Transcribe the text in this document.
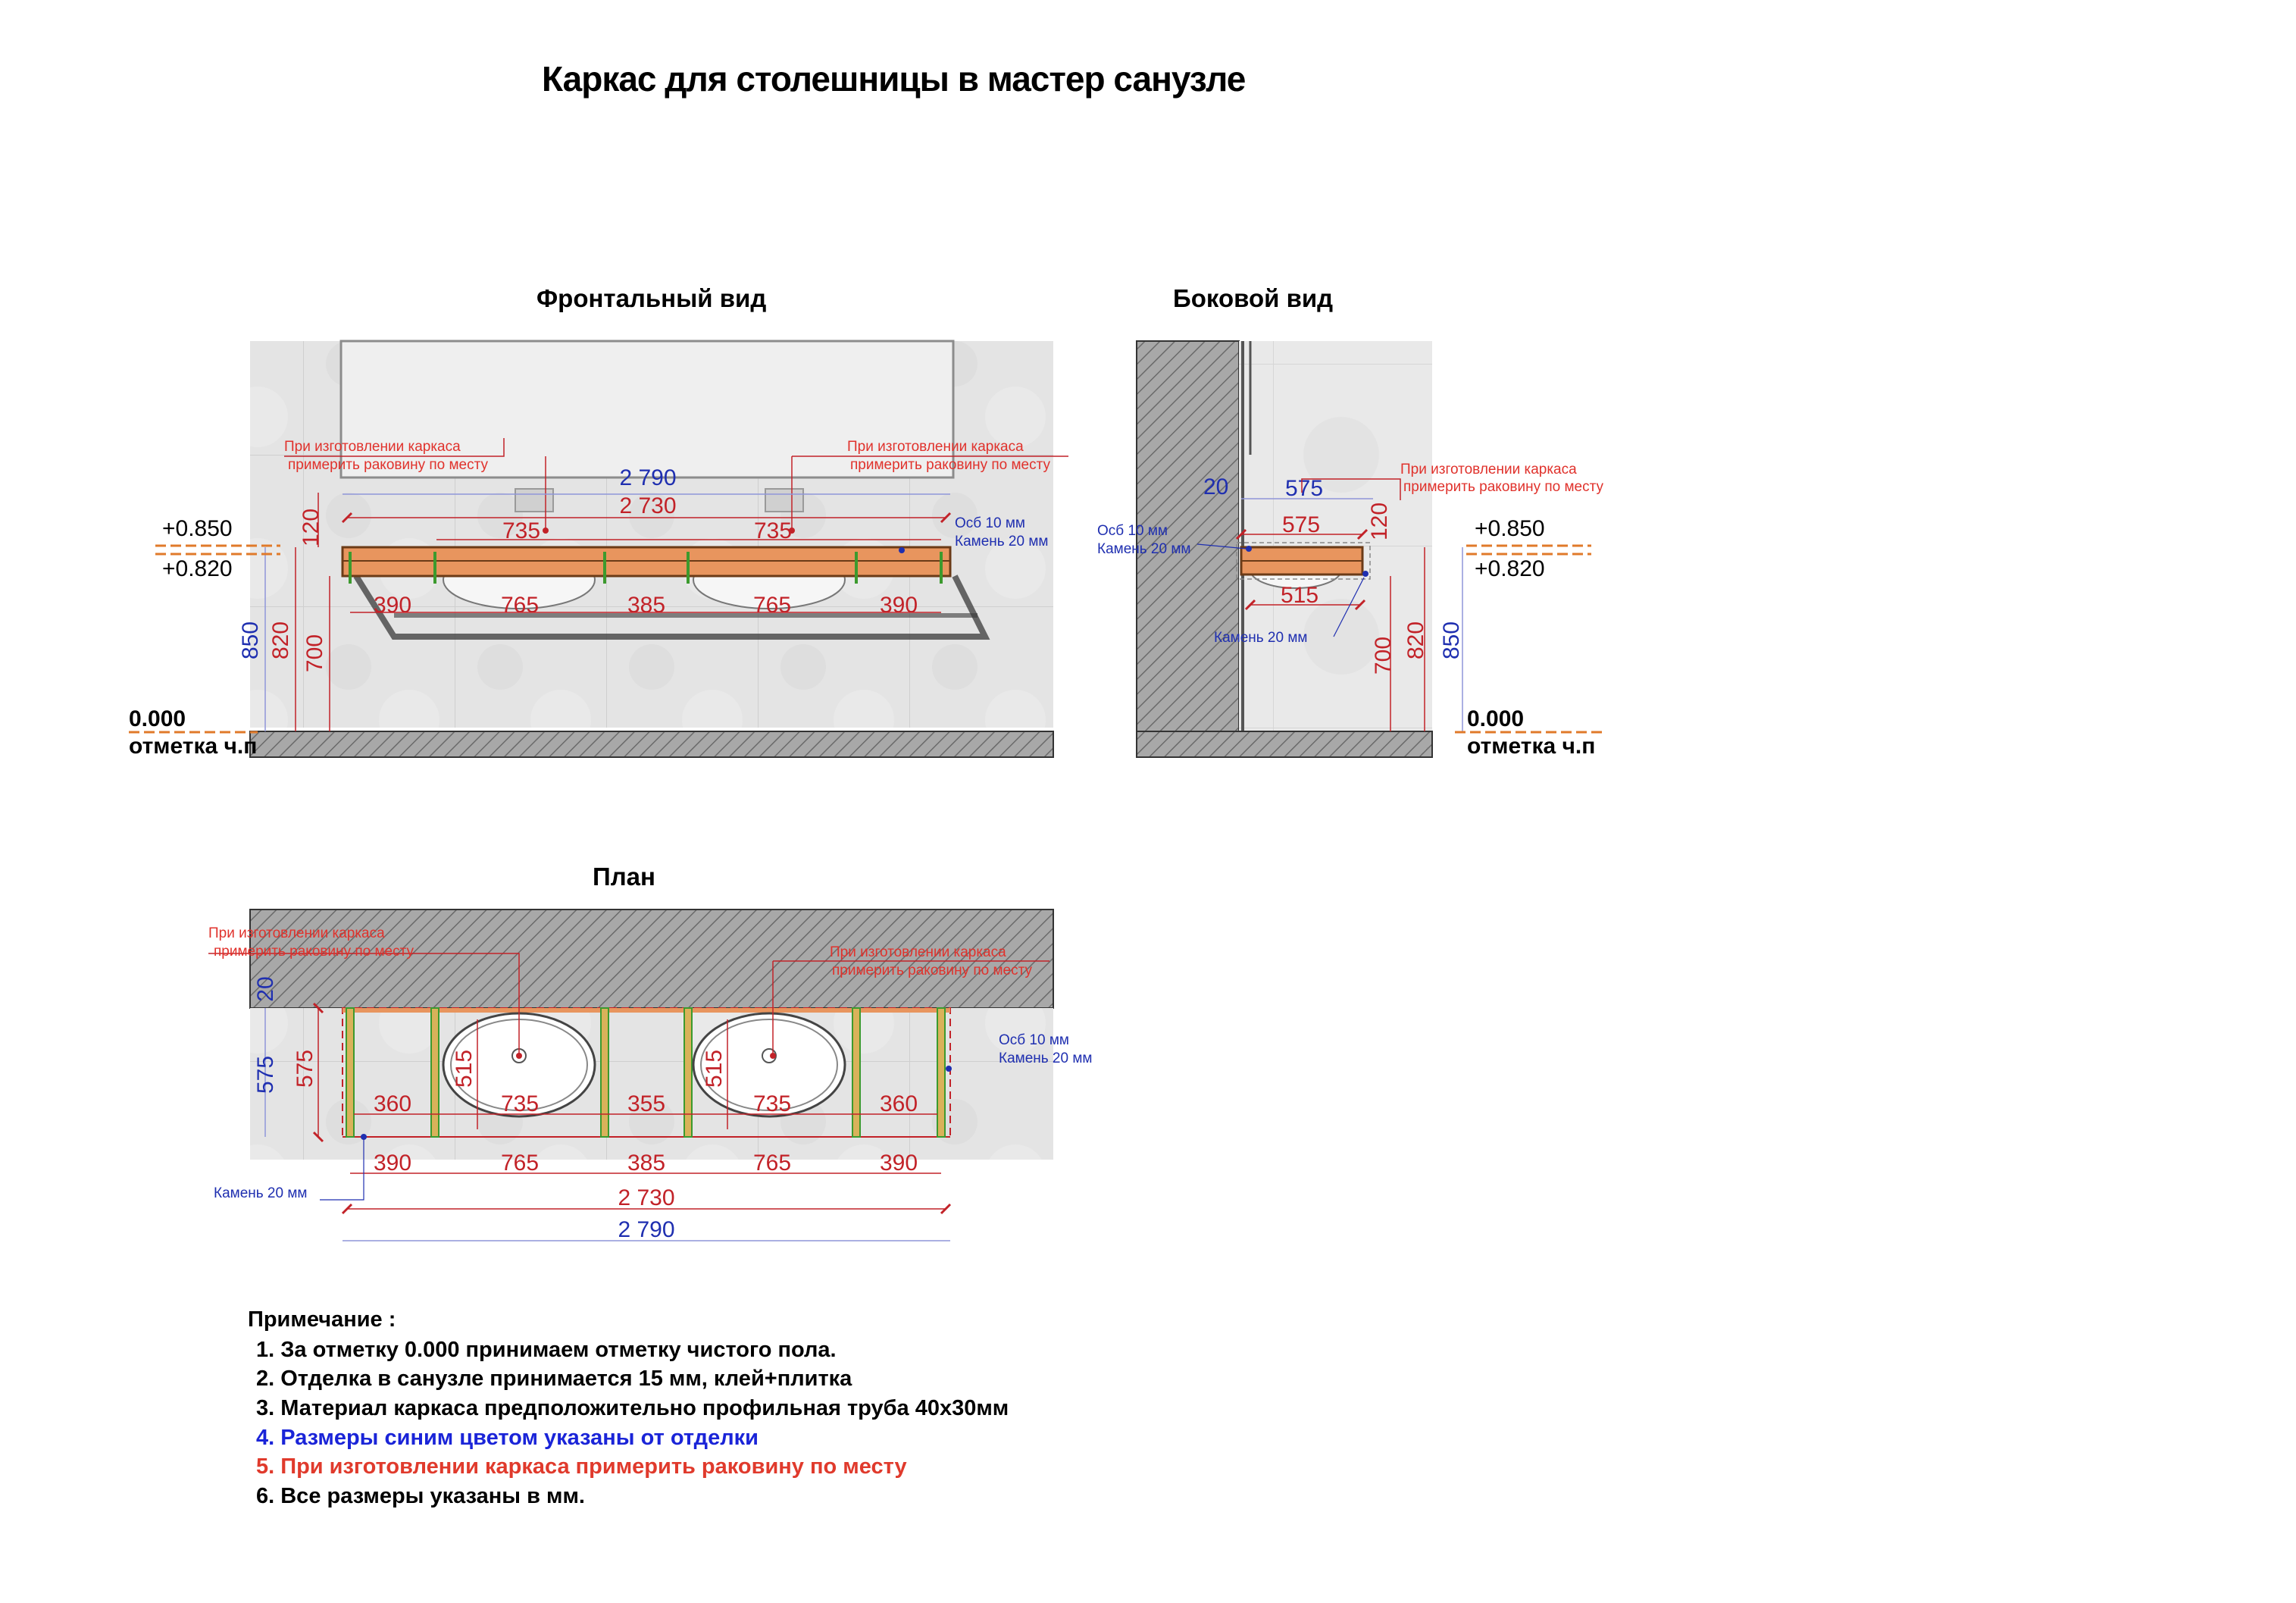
Каркас для столешницы в мастер санузле
Фронтальный вид
При изготовлении каркаса
примерить раковину по месту
При изготовлении каркаса
примерить раковину по месту
2 790
2 730
735	735
390	765	385	765	390
Осб 10 мм
Камень 20 мм
850 820 700
120
+0.850
+0.820
0.000
отметка ч.п
Боковой вид
20 575
575
515
120
700 820 850
Осб 10 мм
Камень 20 мм
Камень 20 мм
При изготовлении каркаса
примерить раковину по месту
+0.850
+0.820
0.000
отметка ч.п
План
При изготовлении каркаса
примерить раковину по месту	При изготовлении каркаса
примерить раковину по месту
20
575 575	515	515
360	735	355	735	360
390	765	385	765	390
2 730
2 790
Осб 10 мм
Камень 20 мм
Камень 20 мм
Примечание :
1. За отметку 0.000 принимаем отметку чистого пола.
2. Отделка в санузле принимается 15 мм, клей+плитка
3. Материал каркаса предположительно профильная труба 40x30мм
4. Размеры синим цветом указаны от отделки
5. При изготовлении каркаса примерить раковину по месту
6. Все размеры указаны в мм.
